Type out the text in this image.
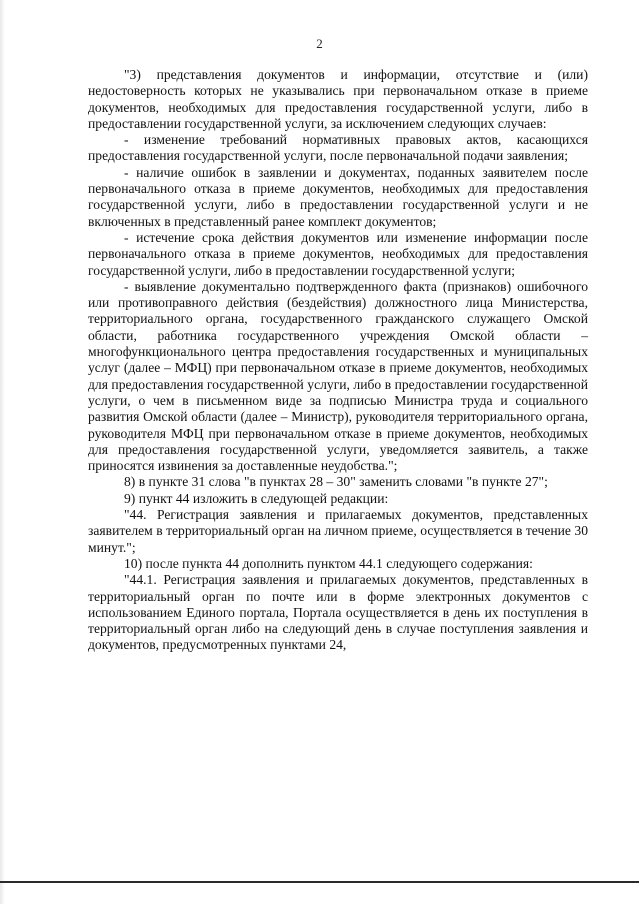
2

"3) представления документов и информации, отсутствие и (или) недостоверность которых не указывались при первоначальном отказе в приеме документов, необходимых для предоставления государственной услуги, либо в предоставлении государственной услуги, за исключением следующих случаев:

- изменение требований нормативных правовых актов, касающихся предоставления государственной услуги, после первоначальной подачи заявления;

- наличие ошибок в заявлении и документах, поданных заявителем после первоначального отказа в приеме документов, необходимых для предоставления государственной услуги, либо в предоставлении государственной услуги и не включенных в представленный ранее комплект документов;

- истечение срока действия документов или изменение информации после первоначального отказа в приеме документов, необходимых для предоставления государственной услуги, либо в предоставлении государственной услуги;

- выявление документально подтвержденного факта (признаков) ошибочного или противоправного действия (бездействия) должностного лица Министерства, территориального органа, государственного гражданского служащего Омской области, работника государственного учреждения Омской области – многофункционального центра предоставления государственных и муниципальных услуг (далее – МФЦ) при первоначальном отказе в приеме документов, необходимых для предоставления государственной услуги, либо в предоставлении государственной услуги, о чем в письменном виде за подписью Министра труда и социального развития Омской области (далее – Министр), руководителя территориального органа, руководителя МФЦ при первоначальном отказе в приеме документов, необходимых для предоставления государственной услуги, уведомляется заявитель, а также приносятся извинения за доставленные неудобства.";

8) в пункте 31 слова "в пунктах 28 – 30" заменить словами "в пункте 27";

9) пункт 44 изложить в следующей редакции:

"44. Регистрация заявления и прилагаемых документов, представленных заявителем в территориальный орган на личном приеме, осуществляется в течение 30 минут.";

10) после пункта 44 дополнить пунктом 44.1 следующего содержания:

"44.1. Регистрация заявления и прилагаемых документов, представленных в территориальный орган по почте или в форме электронных документов с использованием Единого портала, Портала осуществляется в день их поступления в территориальный орган либо на следующий день в случае поступления заявления и документов, предусмотренных пунктами 24,
